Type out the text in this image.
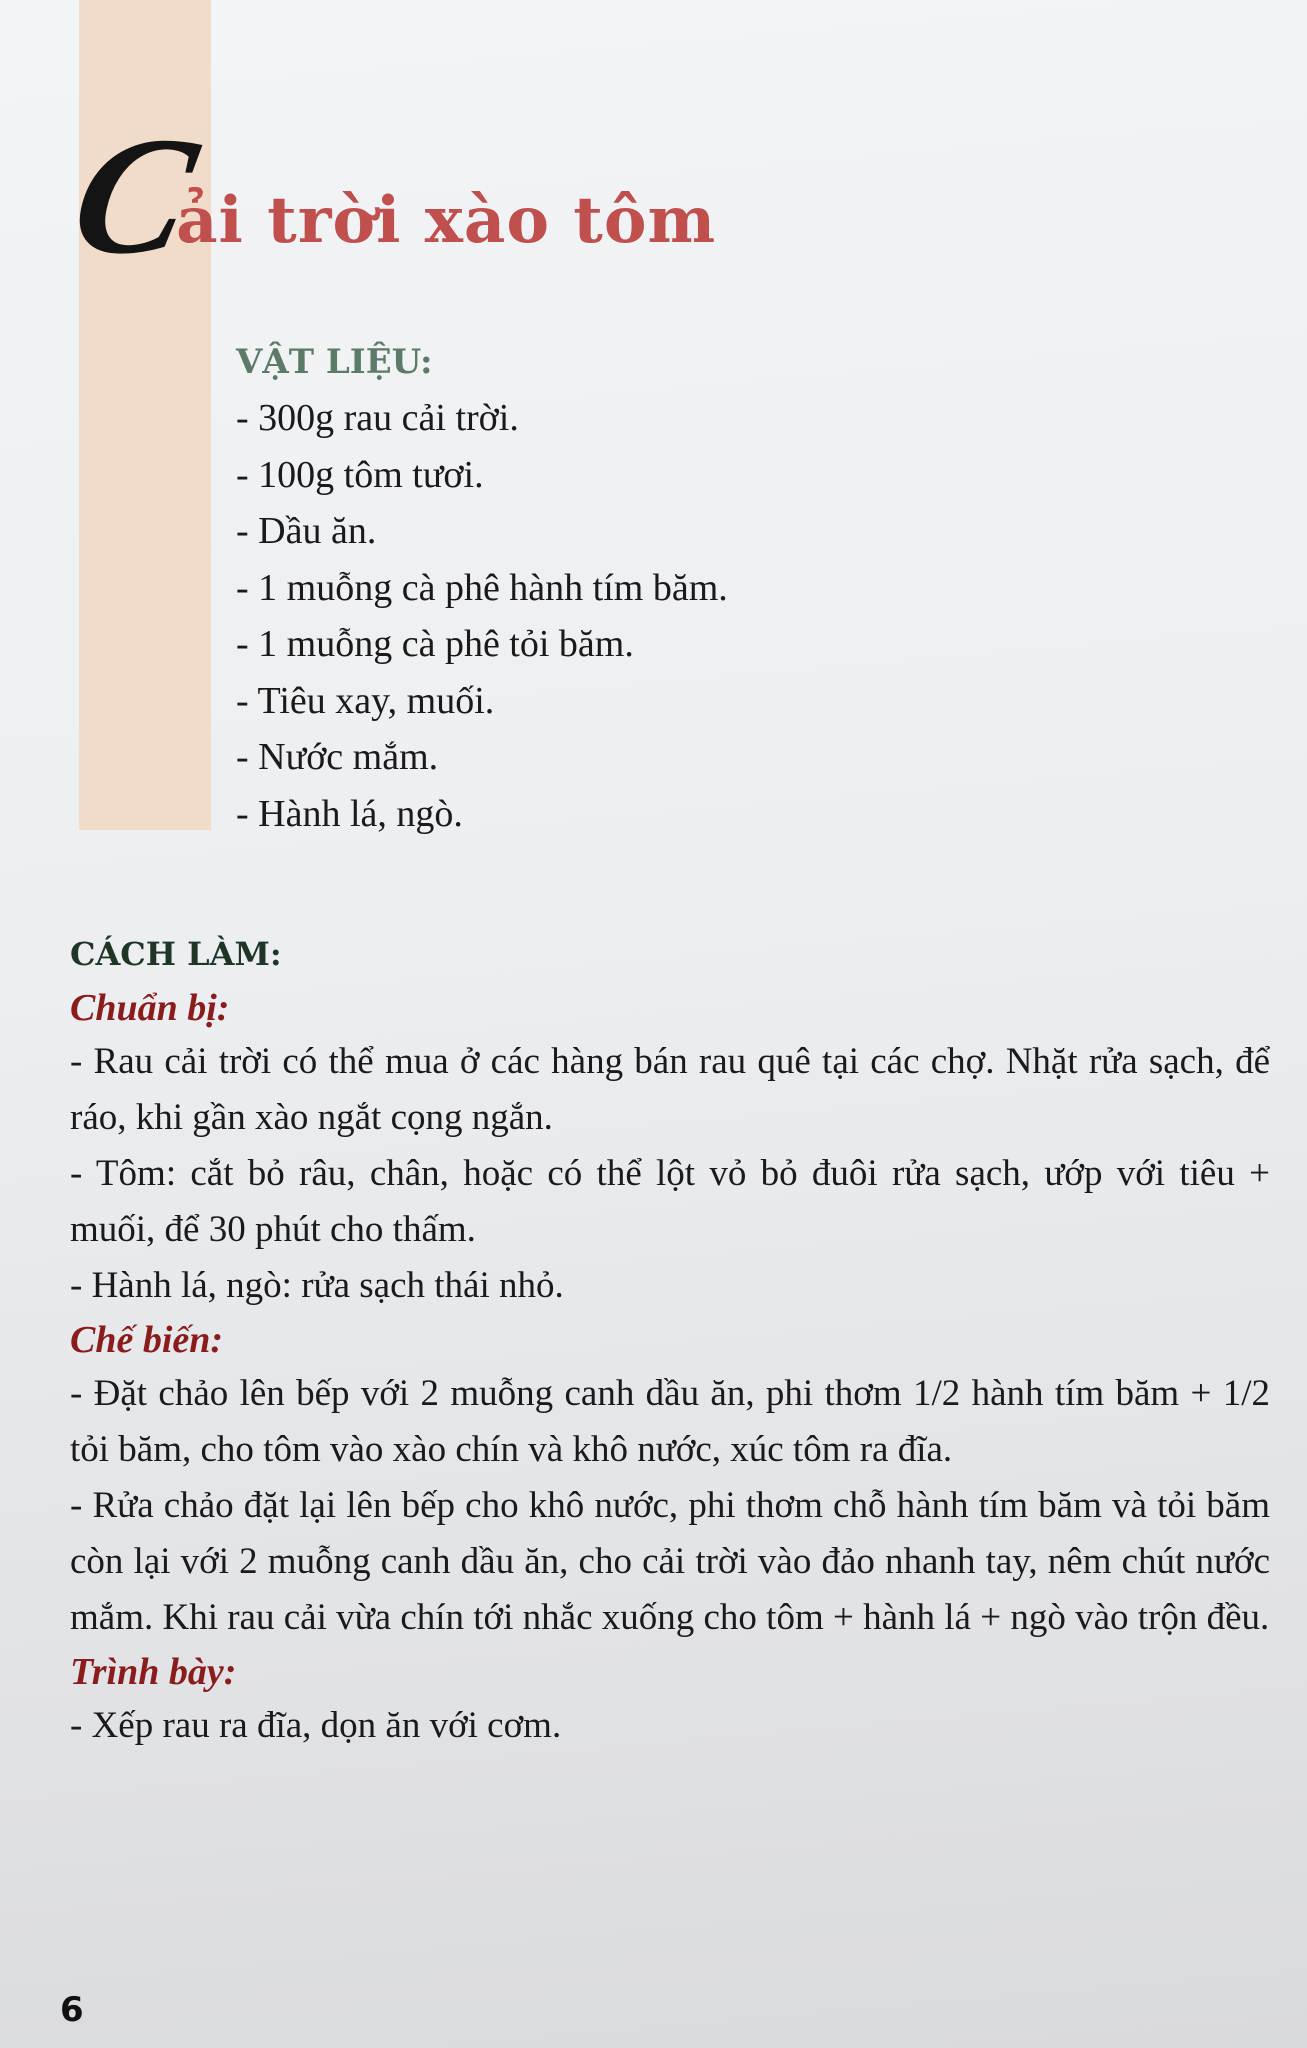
C
ải trời xào tôm
VẬT LIỆU:
- 300g rau cải trời.
- 100g tôm tươi.
- Dầu ăn.
- 1 muỗng cà phê hành tím băm.
- 1 muỗng cà phê tỏi băm.
- Tiêu xay, muối.
- Nước mắm.
- Hành lá, ngò.
CÁCH LÀM:
Chuẩn bị:

- Rau cải trời có thể mua ở các hàng bán rau quê tại các chợ. Nhặt rửa sạch, để ráo, khi gần xào ngắt cọng ngắn.

- Tôm: cắt bỏ râu, chân, hoặc có thể lột vỏ bỏ đuôi rửa sạch, ướp với tiêu + muối, để 30 phút cho thấm.

- Hành lá, ngò: rửa sạch thái nhỏ.

Chế biến:

- Đặt chảo lên bếp với 2 muỗng canh dầu ăn, phi thơm 1/2 hành tím băm + 1/2 tỏi băm, cho tôm vào xào chín và khô nước, xúc tôm ra đĩa.

- Rửa chảo đặt lại lên bếp cho khô nước, phi thơm chỗ hành tím băm và tỏi băm còn lại với 2 muỗng canh dầu ăn, cho cải trời vào đảo nhanh tay, nêm chút nước mắm. Khi rau cải vừa chín tới nhắc xuống cho tôm + hành lá + ngò vào trộn đều.

Trình bày:

- Xếp rau ra đĩa, dọn ăn với cơm.

6
